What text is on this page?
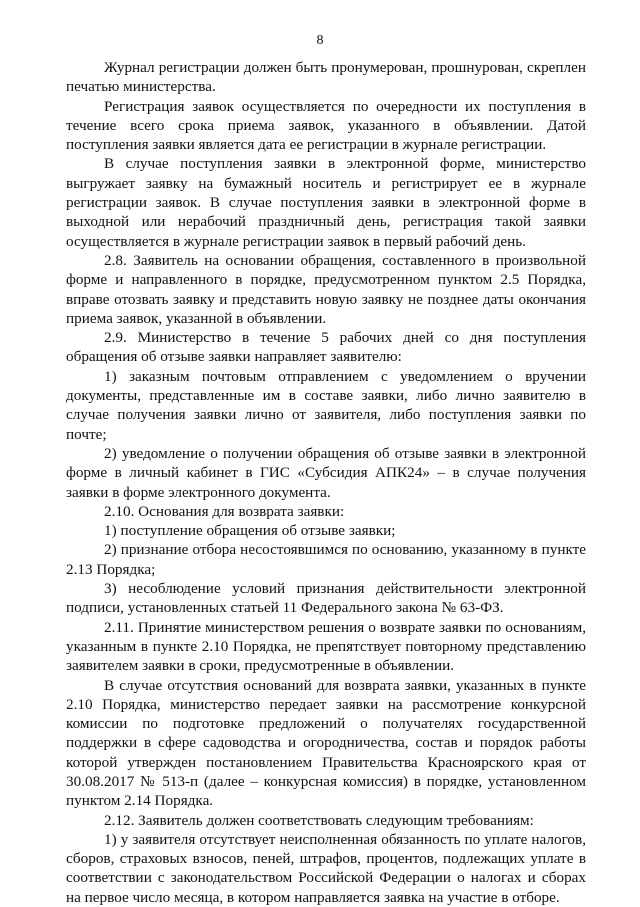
8

Журнал регистрации должен быть пронумерован, прошнурован, скреплен печатью министерства.

Регистрация заявок осуществляется по очередности их поступления в течение всего срока приема заявок, указанного в объявлении. Датой поступления заявки является дата ее регистрации в журнале регистрации.

В случае поступления заявки в электронной форме, министерство выгружает заявку на бумажный носитель и регистрирует ее в журнале регистрации заявок. В случае поступления заявки в электронной форме в выходной или нерабочий праздничный день, регистрация такой заявки осуществляется в журнале регистрации заявок в первый рабочий день.

2.8. Заявитель на основании обращения, составленного в произвольной форме и направленного в порядке, предусмотренном пунктом 2.5 Порядка, вправе отозвать заявку и представить новую заявку не позднее даты окончания приема заявок, указанной в объявлении.

2.9. Министерство в течение 5 рабочих дней со дня поступления обращения об отзыве заявки направляет заявителю:

1) заказным почтовым отправлением с уведомлением о вручении документы, представленные им в составе заявки, либо лично заявителю в случае получения заявки лично от заявителя, либо поступления заявки по почте;

2) уведомление о получении обращения об отзыве заявки в электронной форме в личный кабинет в ГИС «Субсидия АПК24» – в случае получения заявки в форме электронного документа.

2.10. Основания для возврата заявки:

1) поступление обращения об отзыве заявки;

2) признание отбора несостоявшимся по основанию, указанному в пункте 2.13 Порядка;

3) несоблюдение условий признания действительности электронной подписи, установленных статьей 11 Федерального закона № 63-ФЗ.

2.11. Принятие министерством решения о возврате заявки по основаниям, указанным в пункте 2.10 Порядка, не препятствует повторному представлению заявителем заявки в сроки, предусмотренные в объявлении.

В случае отсутствия оснований для возврата заявки, указанных в пункте 2.10 Порядка, министерство передает заявки на рассмотрение конкурсной комиссии по подготовке предложений о получателях государственной поддержки в сфере садоводства и огородничества, состав и порядок работы которой утвержден постановлением Правительства Красноярского края от 30.08.2017 № 513-п (далее – конкурсная комиссия) в порядке, установленном пунктом 2.14 Порядка.

2.12. Заявитель должен соответствовать следующим требованиям:

1) у заявителя отсутствует неисполненная обязанность по уплате налогов, сборов, страховых взносов, пеней, штрафов, процентов, подлежащих уплате в соответствии с законодательством Российской Федерации о налогах и сборах на первое число месяца, в котором направляется заявка на участие в отборе.
